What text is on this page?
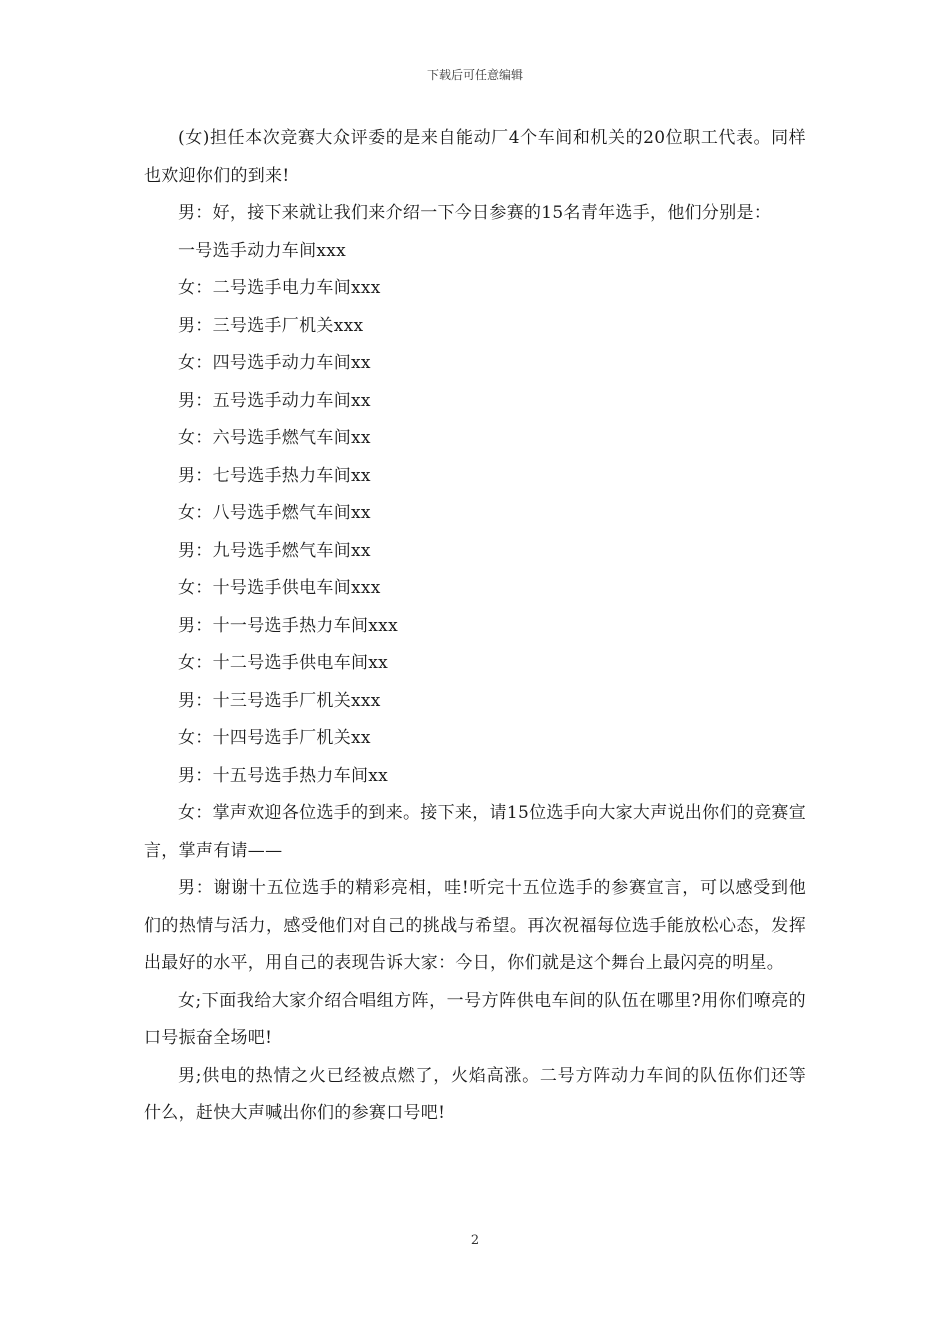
下载后可任意编辑

(女)担任本次竞赛大众评委的是来自能动厂4个车间和机关的20位职工代表。同样也欢迎你们的到来!

男：好，接下来就让我们来介绍一下今日参赛的15名青年选手，他们分别是：

一号选手动力车间xxx

女：二号选手电力车间xxx

男：三号选手厂机关xxx

女：四号选手动力车间xx

男：五号选手动力车间xx

女：六号选手燃气车间xx

男：七号选手热力车间xx

女：八号选手燃气车间xx

男：九号选手燃气车间xx

女：十号选手供电车间xxx

男：十一号选手热力车间xxx

女：十二号选手供电车间xx

男：十三号选手厂机关xxx

女：十四号选手厂机关xx

男：十五号选手热力车间xx

女：掌声欢迎各位选手的到来。接下来，请15位选手向大家大声说出你们的竞赛宣言，掌声有请——

男：谢谢十五位选手的精彩亮相，哇!听完十五位选手的参赛宣言，可以感受到他们的热情与活力，感受他们对自己的挑战与希望。再次祝福每位选手能放松心态，发挥出最好的水平，用自己的表现告诉大家：今日，你们就是这个舞台上最闪亮的明星。

女;下面我给大家介绍合唱组方阵，一号方阵供电车间的队伍在哪里?用你们嘹亮的口号振奋全场吧!

男;供电的热情之火已经被点燃了，火焰高涨。二号方阵动力车间的队伍你们还等什么，赶快大声喊出你们的参赛口号吧!

2
